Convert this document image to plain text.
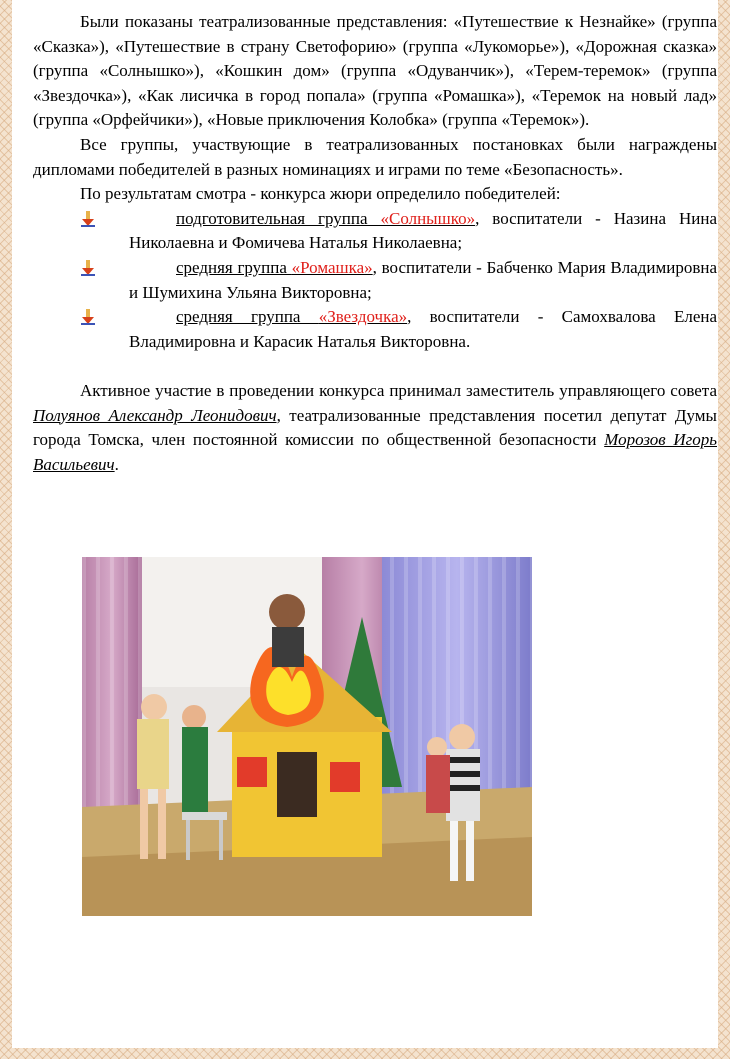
Были показаны театрализованные представления: «Путешествие к Незнайке» (группа «Сказка»), «Путешествие в страну Светофорию» (группа «Лукоморье»), «Дорожная сказка» (группа «Солнышко»), «Кошкин дом» (группа «Одуванчик»), «Терем-теремок» (группа «Звездочка»), «Как лисичка в город попала» (группа «Ромашка»), «Теремок на новый лад» (группа «Орфейчики»), «Новые приключения Колобка» (группа «Теремок»).

Все группы, участвующие в театрализованных постановках были награждены дипломами победителей в разных номинациях и играми по теме «Безопасность».

По результатам смотра - конкурса жюри определило победителей:

подготовительная группа «Солнышко», воспитатели - Назина Нина Николаевна и Фомичева Наталья Николаевна;

средняя группа «Ромашка», воспитатели - Бабченко Мария Владимировна и Шумихина Ульяна Викторовна;

средняя группа «Звездочка», воспитатели - Самохвалова Елена Владимировна и Карасик Наталья Викторовна.

Активное участие в проведении конкурса принимал заместитель управляющего совета Полуянов Александр Леонидович, театрализованные представления посетил депутат Думы города Томска, член постоянной комиссии по общественной безопасности Морозов Игорь Васильевич.
